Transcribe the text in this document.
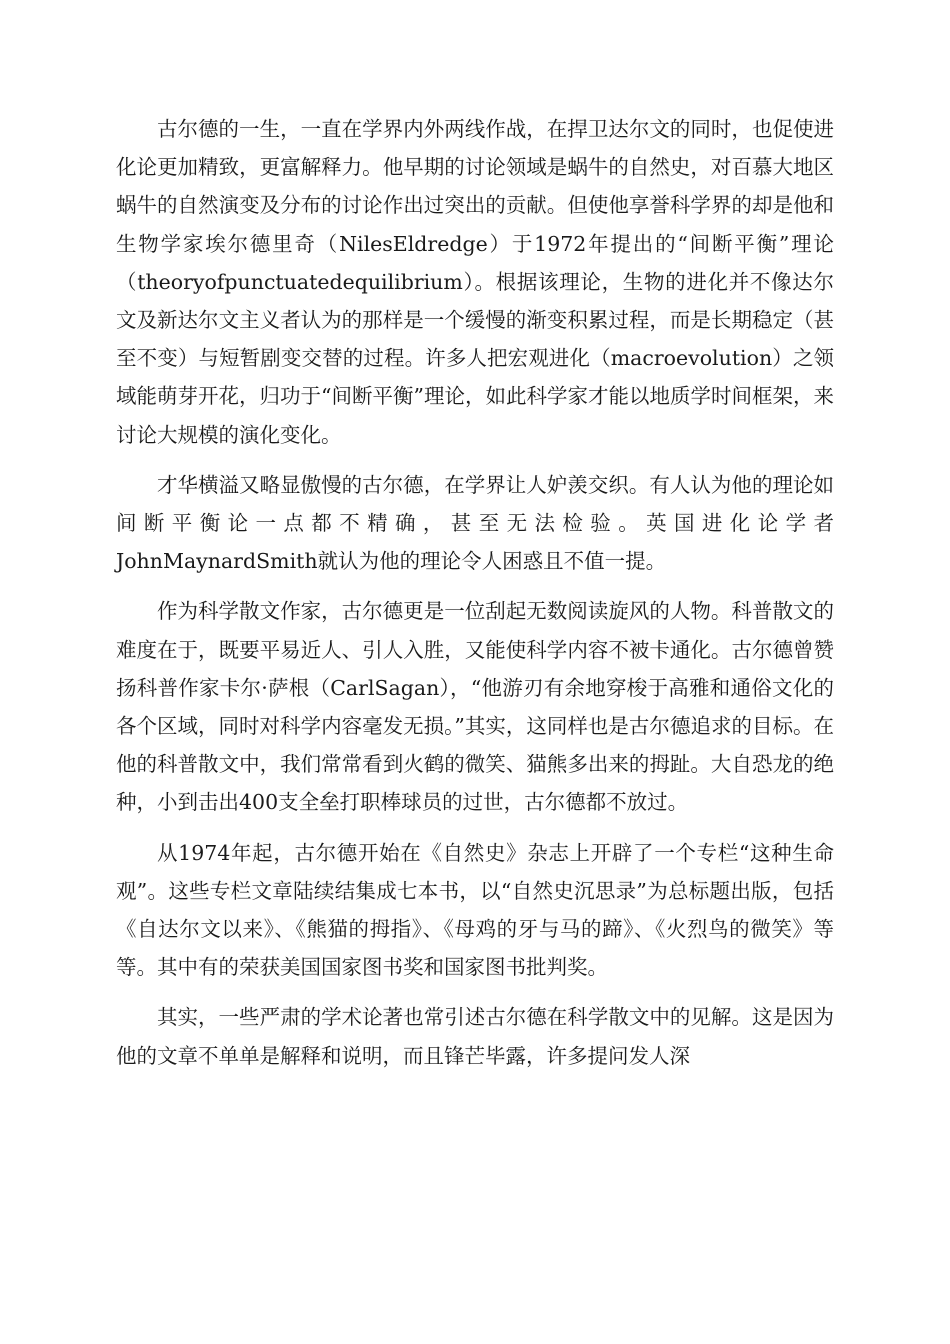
古尔德的一生，一直在学界内外两线作战，在捍卫达尔文的同时，也促使进化论更加精致，更富解释力。他早期的讨论领域是蜗牛的自然史，对百慕大地区蜗牛的自然演变及分布的讨论作出过突出的贡献。但使他享誉科学界的却是他和生物学家埃尔德里奇（NilesEldredge）于1972年提出的“间断平衡”理论（theoryofpunctuatedequilibrium）。根据该理论，生物的进化并不像达尔文及新达尔文主义者认为的那样是一个缓慢的渐变积累过程，而是长期稳定（甚至不变）与短暂剧变交替的过程。许多人把宏观进化（macroevolution）之领域能萌芽开花，归功于“间断平衡”理论，如此科学家才能以地质学时间框架，来讨论大规模的演化变化。

才华横溢又略显傲慢的古尔德，在学界让人妒羡交织。有人认为他的理论如间断平衡论一点都不精确，甚至无法检验。英国进化论学者JohnMaynardSmith就认为他的理论令人困惑且不值一提。

作为科学散文作家，古尔德更是一位刮起无数阅读旋风的人物。科普散文的难度在于，既要平易近人、引人入胜，又能使科学内容不被卡通化。古尔德曾赞扬科普作家卡尔·萨根（CarlSagan），“他游刃有余地穿梭于高雅和通俗文化的各个区域，同时对科学内容毫发无损。”其实，这同样也是古尔德追求的目标。在他的科普散文中，我们常常看到火鹤的微笑、猫熊多出来的拇趾。大自恐龙的绝种，小到击出400支全垒打职棒球员的过世，古尔德都不放过。

从1974年起，古尔德开始在《自然史》杂志上开辟了一个专栏“这种生命观”。这些专栏文章陆续结集成七本书，以“自然史沉思录”为总标题出版，包括《自达尔文以来》、《熊猫的拇指》、《母鸡的牙与马的蹄》、《火烈鸟的微笑》等等。其中有的荣获美国国家图书奖和国家图书批判奖。

其实，一些严肃的学术论著也常引述古尔德在科学散文中的见解。这是因为他的文章不单单是解释和说明，而且锋芒毕露，许多提问发人深
